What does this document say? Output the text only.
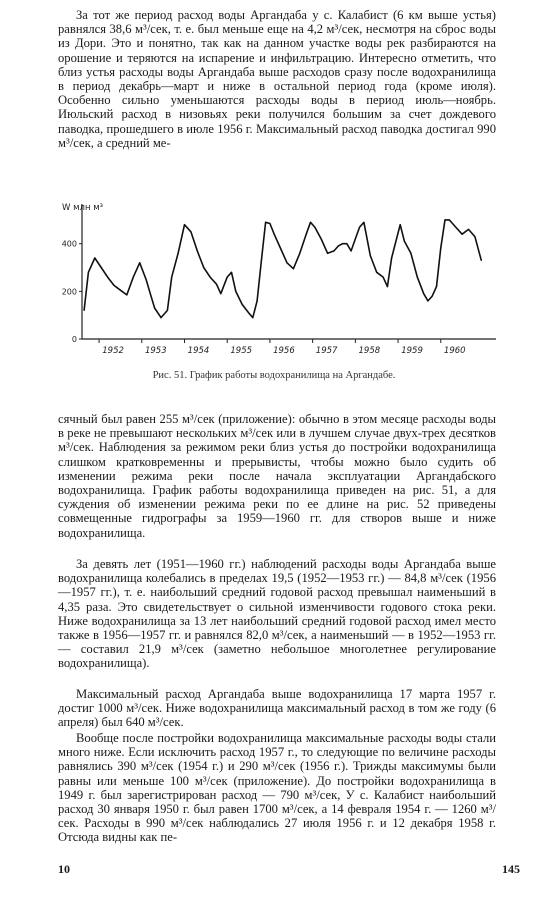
За тот же период расход воды Аргандаба у с. Калабист (6 км выше устья) равнялся 38,6 м³/сек, т. е. был меньше еще на 4,2 м³/сек, несмотря на сброс воды из Дори. Это и понятно, так как на данном участке воды рек разбираются на орошение и теряются на испарение и инфильтрацию. Интересно отметить, что близ устья расходы воды Аргандаба выше расходов сразу после водохранилища в период декабрь—март и ниже в остальной период года (кроме июля). Особенно сильно уменьшаются расходы воды в период июль—ноябрь. Июльский расход в низовьях реки получился большим за счет дождевого паводка, прошедшего в июле 1956 г. Максимальный расход паводка достигал 990 м³/сек, а средний ме-

W млн м³
0
200
400
1952 1953 1954 1955 1956 1957 1958 1959 1960
Рис. 51. График работы водохранилища на Аргандабе.

сячный был равен 255 м³/сек (приложение): обычно в этом месяце расходы воды в реке не превышают нескольких м³/сек или в лучшем случае двух-трех десятков м³/сек. Наблюдения за режимом реки близ устья до постройки водохранилища слишком кратковременны и прерывисты, чтобы можно было судить об изменении режима реки после начала эксплуатации Аргандабского водохранилища. График работы водохранилища приведен на рис. 51, а для суждения об изменении режима реки по ее длине на рис. 52 приведены совмещенные гидрографы за 1959—1960 гг. для створов выше и ниже водохранилища.

За девять лет (1951—1960 гг.) наблюдений расходы воды Аргандаба выше водохранилища колебались в пределах 19,5 (1952—1953 гг.) — 84,8 м³/сек (1956—1957 гг.), т. е. наибольший средний годовой расход превышал наименьший в 4,35 раза. Это свидетельствует о сильной изменчивости годового стока реки. Ниже водохранилища за 13 лет наибольший средний годовой расход имел место также в 1956—1957 гг. и равнялся 82,0 м³/сек, а наименьший — в 1952—1953 гг. — составил 21,9 м³/сек (заметно небольшое многолетнее регулирование водохранилища).

Максимальный расход Аргандаба выше водохранилища 17 марта 1957 г. достиг 1000 м³/сек. Ниже водохранилища максимальный расход в том же году (6 апреля) был 640 м³/сек.

Вообще после постройки водохранилища максимальные расходы воды стали много ниже. Если исключить расход 1957 г., то следующие по величине расходы равнялись 390 м³/сек (1954 г.) и 290 м³/сек (1956 г.). Трижды максимумы были равны или меньше 100 м³/сек (приложение). До постройки водохранилища в 1949 г. был зарегистрирован расход — 790 м³/сек, У с. Калабист наибольший расход 30 января 1950 г. был равен 1700 м³/сек, а 14 февраля 1954 г. — 1260 м³/сек. Расходы в 990 м³/сек наблюдались 27 июля 1956 г. и 12 декабря 1958 г. Отсюда видны как пе-

10	145
